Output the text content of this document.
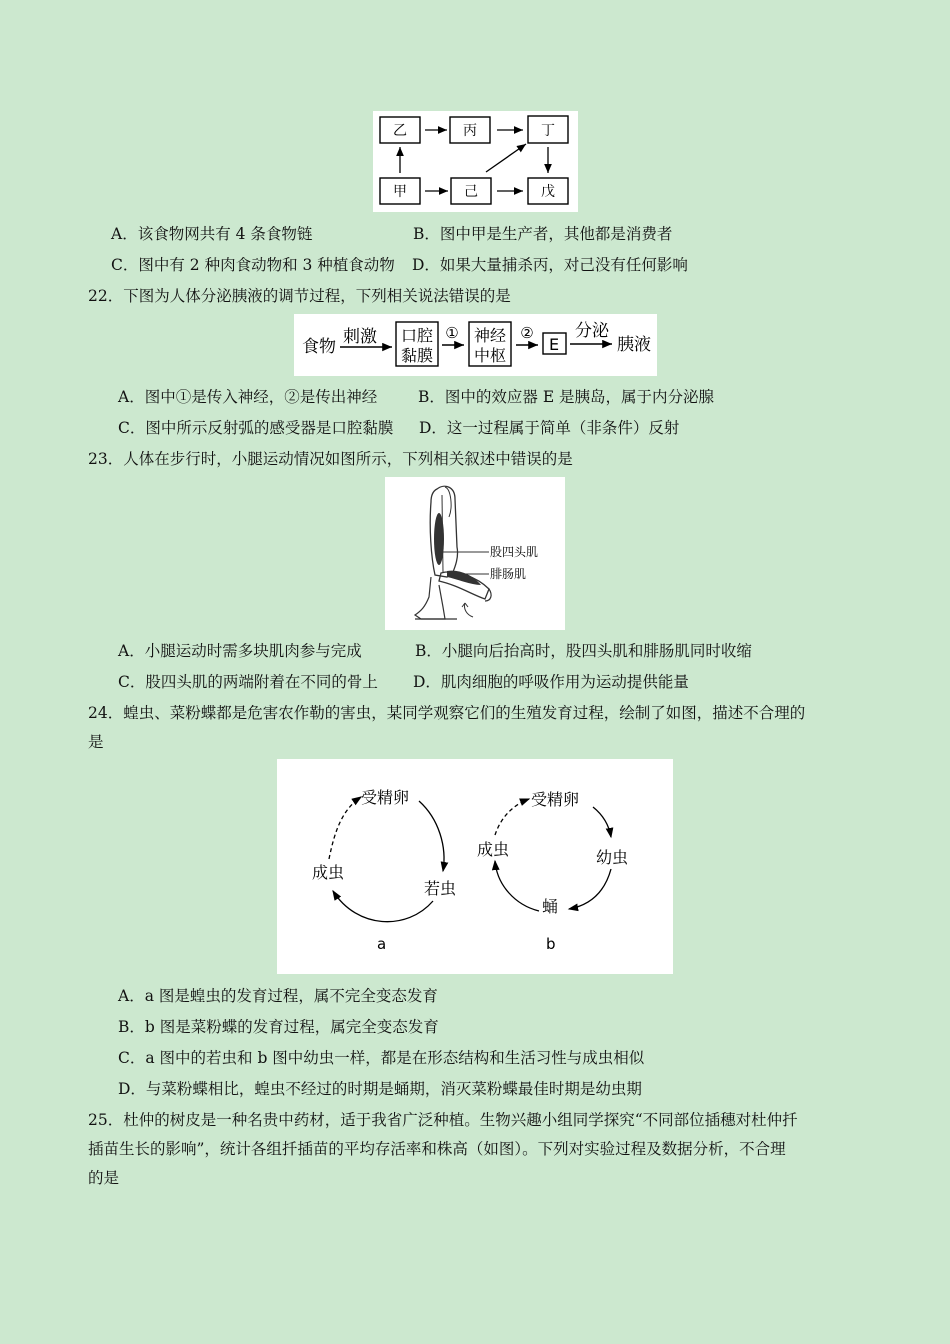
乙	丙	丁
甲	己	戊
A．该食物网共有 4 条食物链	B．图中甲是生产者，其他都是消费者
C．图中有 2 种肉食动物和 3 种植食动物 D．如果大量捕杀丙，对己没有任何影响
22．下图为人体分泌胰液的调节过程，下列相关说法错误的是
食物 刺激 口腔
黏膜
① 神经
中枢
②
E
分泌
胰液
A．图中①是传入神经，②是传出神经	B．图中的效应器 E 是胰岛，属于内分泌腺
C．图中所示反射弧的感受器是口腔黏膜 D．这一过程属于简单（非条件）反射
23．人体在步行时，小腿运动情况如图所示，下列相关叙述中错误的是
股四头肌
腓肠肌
A．小腿运动时需多块肌肉参与完成	B．小腿向后抬高时，股四头肌和腓肠肌同时收缩
C．股四头肌的两端附着在不同的骨上 D．肌肉细胞的呼吸作用为运动提供能量
24．蝗虫、菜粉蝶都是危害农作勒的害虫，某同学观察它们的生殖发育过程，绘制了如图，描述不合理的
是
受精卵
若虫
成虫
a
受精卵
幼虫
蛹
成虫
b
A．a 图是蝗虫的发育过程，属不完全变态发育
B．b 图是菜粉蝶的发育过程，属完全变态发育
C．a 图中的若虫和 b 图中幼虫一样，都是在形态结构和生活习性与成虫相似
D．与菜粉蝶相比，蝗虫不经过的时期是蛹期，消灭菜粉蝶最佳时期是幼虫期
25．杜仲的树皮是一种名贵中药材，适于我省广泛种植。生物兴趣小组同学探究“不同部位插穗对杜仲扦
插苗生长的影响”，统计各组扦插苗的平均存活率和株高（如图）。下列对实验过程及数据分析，不合理
的是
